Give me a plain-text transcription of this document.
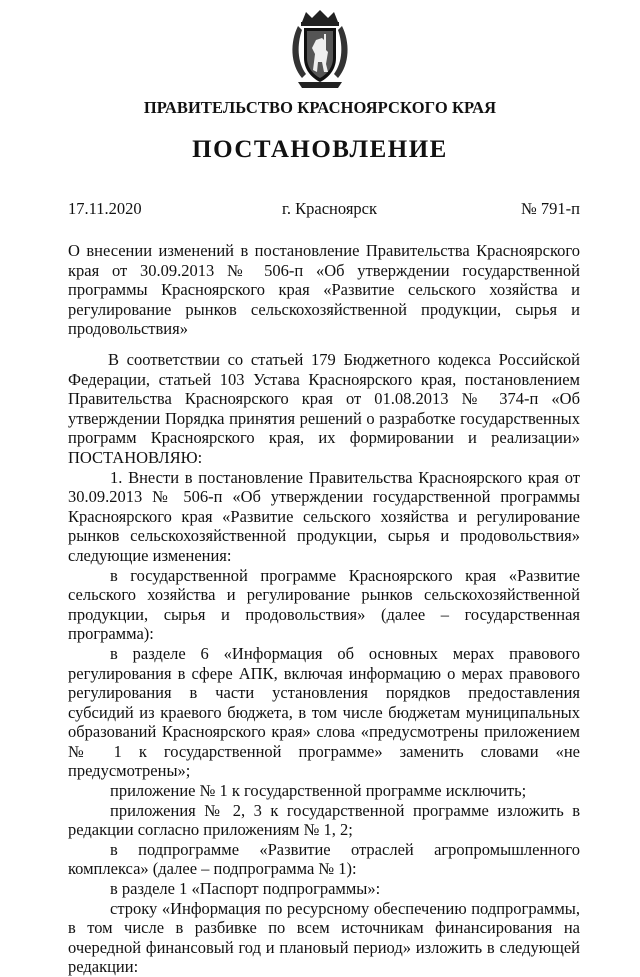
ПРАВИТЕЛЬСТВО КРАСНОЯРСКОГО КРАЯ
ПОСТАНОВЛЕНИЕ
17.11.2020	г. Красноярск	№ 791-п
О внесении изменений в постановление Правительства Красноярского края от 30.09.2013 № 506-п «Об утверждении государственной программы Красноярского края «Развитие сельского хозяйства и регулирование рынков сельскохозяйственной продукции, сырья и продовольствия»

В соответствии со статьей 179 Бюджетного кодекса Российской Федерации, статьей 103 Устава Красноярского края, постановлением Правительства Красноярского края от 01.08.2013 № 374-п «Об утверждении Порядка принятия решений о разработке государственных программ Красноярского края, их формировании и реализации» ПОСТАНОВЛЯЮ:

1. Внести в постановление Правительства Красноярского края от 30.09.2013 № 506-п «Об утверждении государственной программы Красноярского края «Развитие сельского хозяйства и регулирование рынков сельскохозяйственной продукции, сырья и продовольствия» следующие изменения:

в государственной программе Красноярского края «Развитие сельского хозяйства и регулирование рынков сельскохозяйственной продукции, сырья и продовольствия» (далее – государственная программа):

в разделе 6 «Информация об основных мерах правового регулирования в сфере АПК, включая информацию о мерах правового регулирования в части установления порядков предоставления субсидий из краевого бюджета, в том числе бюджетам муниципальных образований Красноярского края» слова «предусмотрены приложением № 1 к государственной программе» заменить словами «не предусмотрены»;

приложение № 1 к государственной программе исключить;

приложения № 2, 3 к государственной программе изложить в редакции согласно приложениям № 1, 2;

в подпрограмме «Развитие отраслей агропромышленного комплекса» (далее – подпрограмма № 1):

в разделе 1 «Паспорт подпрограммы»:

строку «Информация по ресурсному обеспечению подпрограммы, в том числе в разбивке по всем источникам финансирования на очередной финансовый год и плановый период» изложить в следующей редакции:
